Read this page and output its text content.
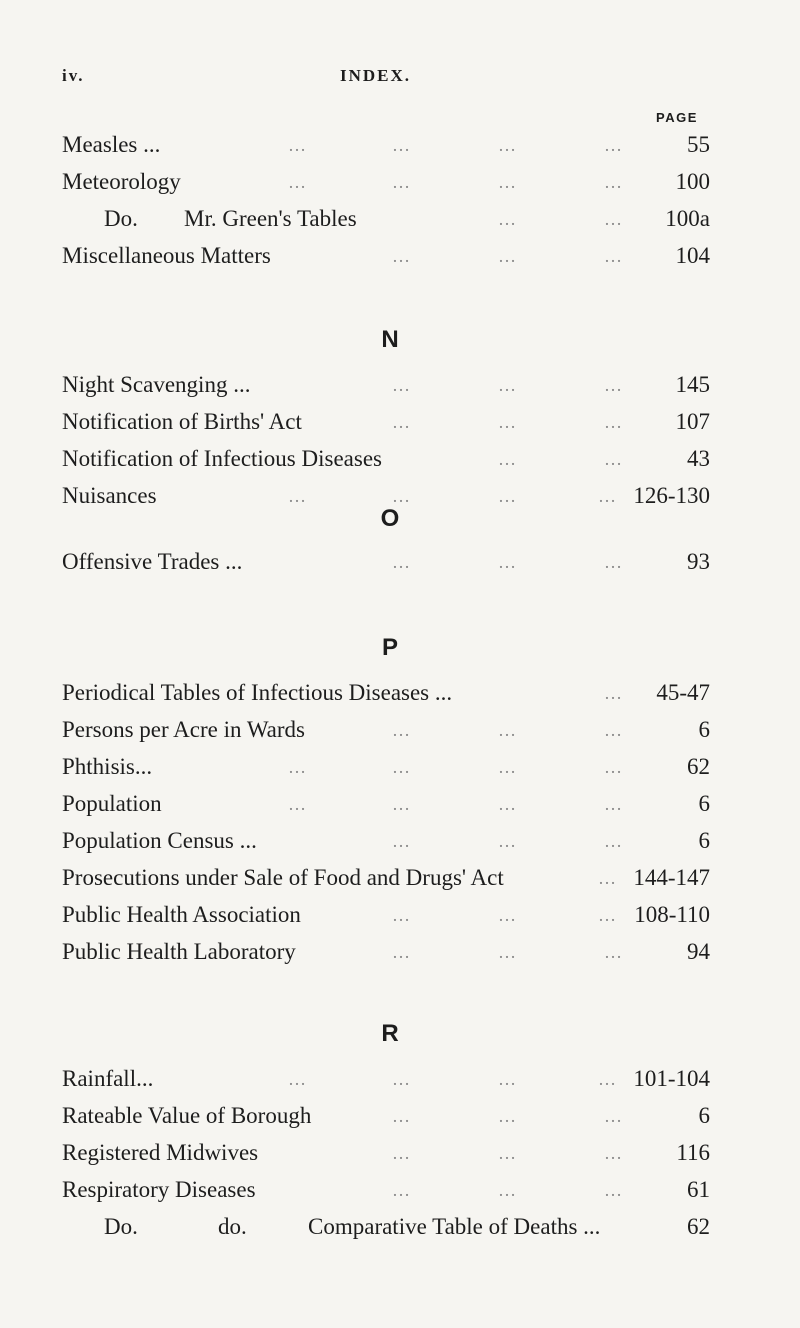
iv.	INDEX.
PAGE
Measles ...	…	…	…	…	55
Meteorology	…	…	…	… 100
Do. Mr. Green's Tables	…	… 100a
Miscellaneous Matters	…	…	… 104
N
Night Scavenging ...	…	…	… 145
Notification of Births' Act	…	…	… 107
Notification of Infectious Diseases	…	…	43
Nuisances	…	…	…	… 126-130
O
Offensive Trades ...	…	…	…	93
P
Periodical Tables of Infectious Diseases ...	… 45-47
Persons per Acre in Wards	…	…	…	6
Phthisis...	…	…	…	…	62
Population	…	…	…	…	6
Population Census ...	…	…	…	6
Prosecutions under Sale of Food and Drugs' Act	… 144-147
Public Health Association	…	…	… 108-110
Public Health Laboratory	…	…	…	94
R
Rainfall...	…	…	…	… 101-104
Rateable Value of Borough	…	…	…	6
Registered Midwives	…	…	… 116
Respiratory Diseases	…	…	…	61
Do.	do.	Comparative Table of Deaths ...	62
